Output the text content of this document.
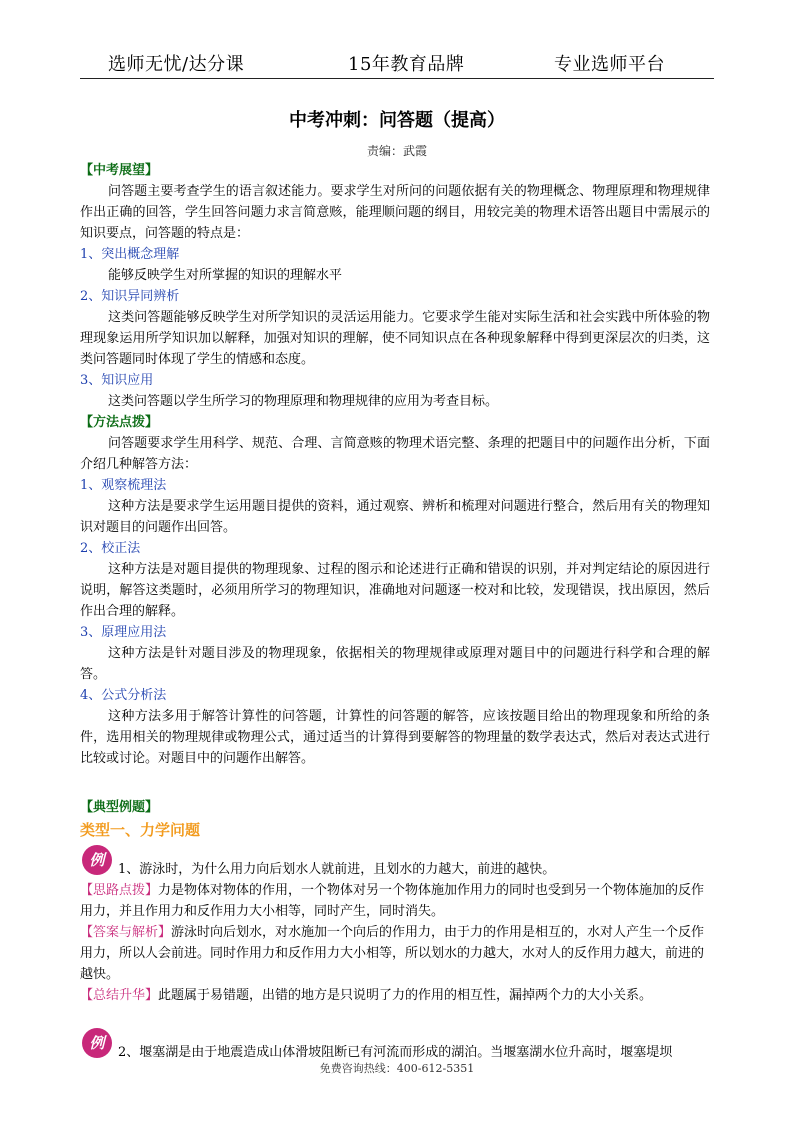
选师无忧/达分课	15年教育品牌	专业选师平台
中考冲刺：问答题（提高）
责编：武霞

【中考展望】

问答题主要考查学生的语言叙述能力。要求学生对所问的问题依据有关的物理概念、物理原理和物理规律作出正确的回答，学生回答问题力求言简意赅，能理顺问题的纲目，用较完美的物理术语答出题目中需展示的知识要点，问答题的特点是：

1、突出概念理解

能够反映学生对所掌握的知识的理解水平

2、知识异同辨析

这类问答题能够反映学生对所学知识的灵活运用能力。它要求学生能对实际生活和社会实践中所体验的物理现象运用所学知识加以解释，加强对知识的理解，使不同知识点在各种现象解释中得到更深层次的归类，这类问答题同时体现了学生的情感和态度。

3、知识应用

这类问答题以学生所学习的物理原理和物理规律的应用为考查目标。

【方法点拨】

问答题要求学生用科学、规范、合理、言简意赅的物理术语完整、条理的把题目中的问题作出分析，下面介绍几种解答方法：

1、观察梳理法

这种方法是要求学生运用题目提供的资料，通过观察、辨析和梳理对问题进行整合，然后用有关的物理知识对题目的问题作出回答。

2、校正法

这种方法是对题目提供的物理现象、过程的图示和论述进行正确和错误的识别，并对判定结论的原因进行说明，解答这类题时，必须用所学习的物理知识，准确地对问题逐一校对和比较，发现错误，找出原因，然后作出合理的解释。

3、原理应用法

这种方法是针对题目涉及的物理现象，依据相关的物理规律或原理对题目中的问题进行科学和合理的解答。

4、公式分析法

这种方法多用于解答计算性的问答题，计算性的问答题的解答，应该按题目给出的物理现象和所给的条件，选用相关的物理规律或物理公式，通过适当的计算得到要解答的物理量的数学表达式，然后对表达式进行比较或讨论。对题目中的问题作出解答。

【典型例题】

类型一、力学问题

例

1、游泳时，为什么用力向后划水人就前进，且划水的力越大，前进的越快。

【思路点拨】力是物体对物体的作用，一个物体对另一个物体施加作用力的同时也受到另一个物体施加的反作用力，并且作用力和反作用力大小相等，同时产生，同时消失。

【答案与解析】游泳时向后划水，对水施加一个向后的作用力，由于力的作用是相互的，水对人产生一个反作用力，所以人会前进。同时作用力和反作用力大小相等，所以划水的力越大，水对人的反作用力越大，前进的越快。

【总结升华】此题属于易错题，出错的地方是只说明了力的作用的相互性，漏掉两个力的大小关系。

例

2、堰塞湖是由于地震造成山体滑坡阻断已有河流而形成的湖泊。当堰塞湖水位升高时，堰塞堤坝

免费咨询热线：400-612-5351
